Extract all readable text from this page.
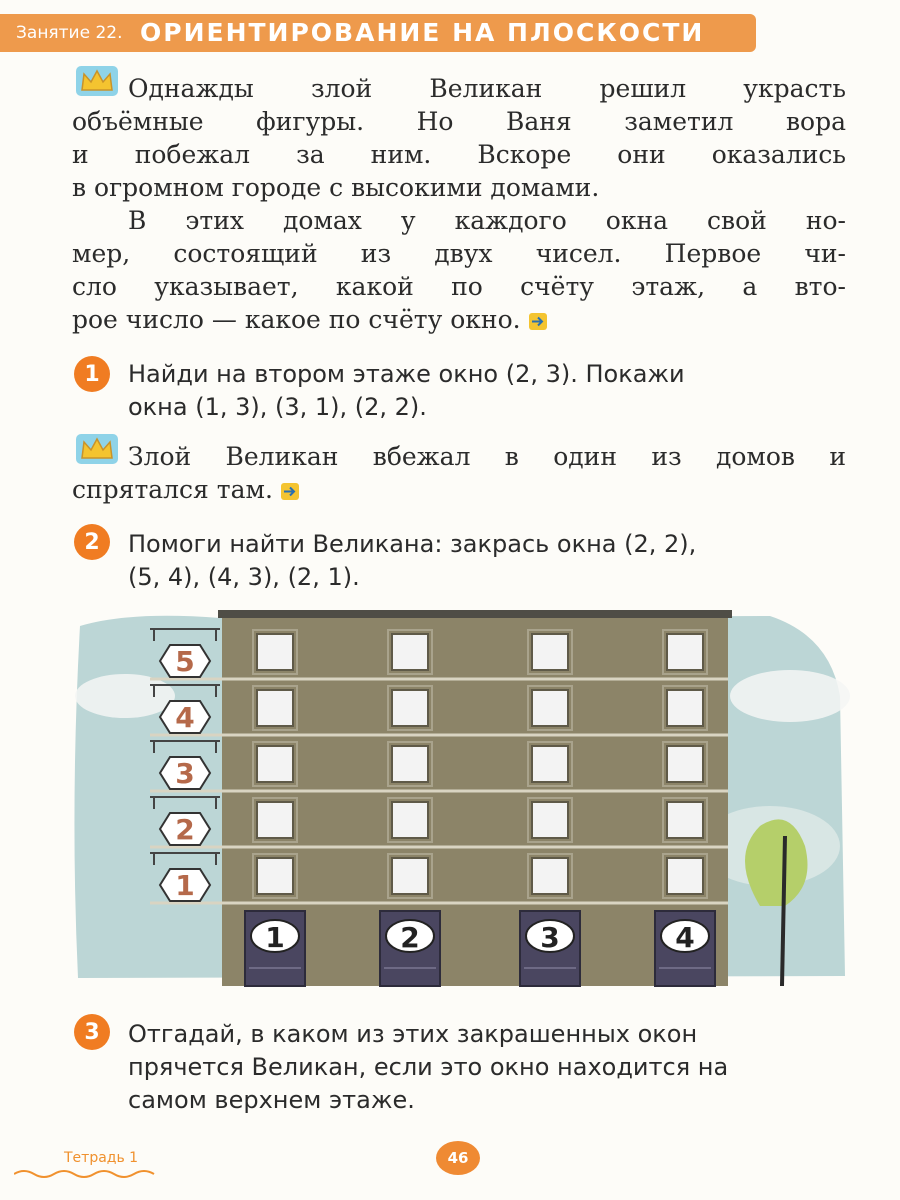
Занятие 22. ОРИЕНТИРОВАНИЕ НА ПЛОСКОСТИ

Однажды злой Великан решил украсть

объёмные фигуры. Но Ваня заметил вора

и побежал за ним. Вскоре они оказались

в огромном городе с высокими домами.

В этих домах у каждого окна свой но-

мер, состоящий из двух чисел. Первое чи-

сло указывает, какой по счёту этаж, а вто-

рое число — какое по счёту окно.

1	Найди на втором этаже окно (2, 3). Покажи

окна (1, 3), (3, 1), (2, 2).

Злой Великан вбежал в один из домов и

спрятался там.

2	Помоги найти Великана: закрась окна (2, 2),

(5, 4), (4, 3), (2, 1).

5
4
3
2
1
1	2	3	4
3	Отгадай, в каком из этих закрашенных окон

прячется Великан, если это окно находится на

самом верхнем этаже.

Тетрадь 1	46
